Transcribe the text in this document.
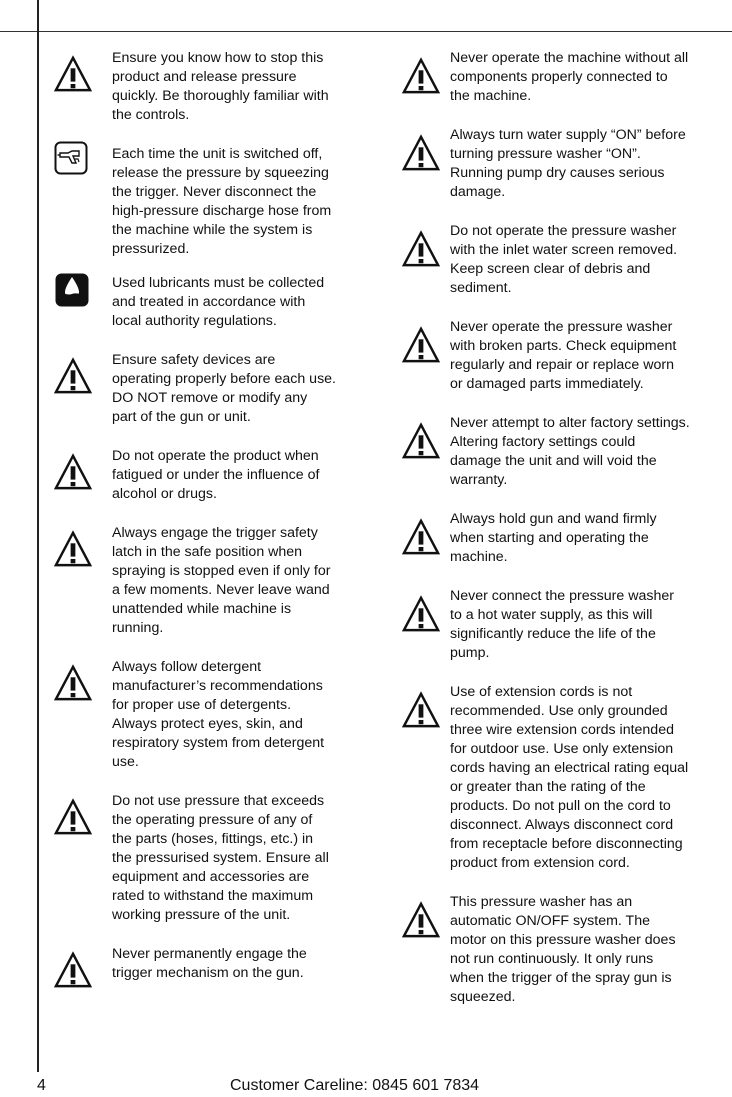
Ensure you know how to stop this
product and release pressure
quickly. Be thoroughly familiar with
the controls.
Each time the unit is switched off,
release the pressure by squeezing
the trigger. Never disconnect the
high-pressure discharge hose from
the machine while the system is
pressurized.
Used lubricants must be collected
and treated in accordance with
local authority regulations.
Ensure safety devices are
operating properly before each use.
DO NOT remove or modify any
part of the gun or unit.
Do not operate the product when
fatigued or under the influence of
alcohol or drugs.
Always engage the trigger safety
latch in the safe position when
spraying is stopped even if only for
a few moments. Never leave wand
unattended while machine is
running.
Always follow detergent
manufacturer’s recommendations
for proper use of detergents.
Always protect eyes, skin, and
respiratory system from detergent
use.
Do not use pressure that exceeds
the operating pressure of any of
the parts (hoses, fittings, etc.) in
the pressurised system. Ensure all
equipment and accessories are
rated to withstand the maximum
working pressure of the unit.
Never permanently engage the
trigger mechanism on the gun.
Never operate the machine without all
components properly connected to
the machine.
Always turn water supply “ON” before
turning pressure washer “ON”.
Running pump dry causes serious
damage.
Do not operate the pressure washer
with the inlet water screen removed.
Keep screen clear of debris and
sediment.
Never operate the pressure washer
with broken parts. Check equipment
regularly and repair or replace worn
or damaged parts immediately.
Never attempt to alter factory settings.
Altering factory settings could
damage the unit and will void the
warranty.
Always hold gun and wand firmly
when starting and operating the
machine.
Never connect the pressure washer
to a hot water supply, as this will
significantly reduce the life of the
pump.
Use of extension cords is not
recommended. Use only grounded
three wire extension cords intended
for outdoor use. Use only extension
cords having an electrical rating equal
or greater than the rating of the
products. Do not pull on the cord to
disconnect. Always disconnect cord
from receptacle before disconnecting
product from extension cord.
This pressure washer has an
automatic ON/OFF system. The
motor on this pressure washer does
not run continuously. It only runs
when the trigger of the spray gun is
squeezed.
4	Customer Careline: 0845 601 7834
